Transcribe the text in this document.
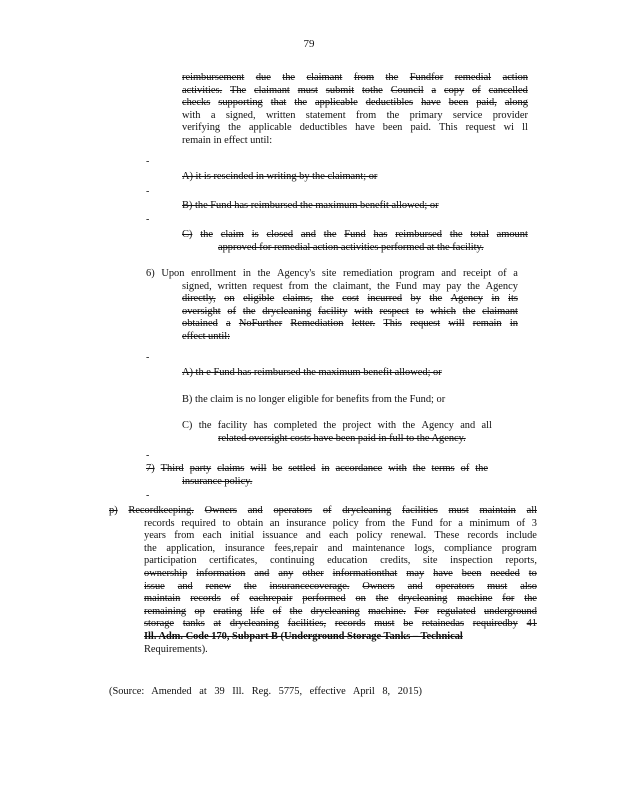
79
reimbursement due the claimant from the Fundfor remedial action
activities. The claimant must submit tothe Council a copy of cancelled
checks supporting that the applicable deductibles have been paid, along
with a signed, written statement from the primary service provider
verifying the applicable deductibles have been paid. This request wi ll
remain in effect until:
-
A) it is rescinded in writing by the claimant; or
-
B) the Fund has reimbursed the maximum benefit allowed; or
-
C) the claim is closed and the Fund has reimbursed the total amount
approved for remedial action activities performed at the facility.
6) Upon enrollment in the Agency's site remediation program and receipt of a
signed, written request from the claimant, the Fund may pay the Agency
directly, on eligible claims, the cost incurred by the Agency in its
oversight of the drycleaning facility with respect to which the claimant
obtained a NoFurther Remediation letter. This request will remain in
effect until:
-
A) th e Fund has reimbursed the maximum benefit allowed; or
B) the claim is no longer eligible for benefits from the Fund; or
C) the facility has completed the project with the Agency and all
related oversight costs have been paid in full to the Agency.
-
7) Third party claims will be settled in accordance with the terms of the
insurance policy.
-
p) Recordkeeping. Owners and operators of drycleaning facilities must maintain all
records required to obtain an insurance policy from the Fund for a minimum of 3
years from each initial issuance and each policy renewal. These records include
the application, insurance fees,repair and maintenance logs, compliance program
participation certificates, continuing education credits, site inspection reports,
ownership information and any other informationthat may have been needed to
issue and renew the insurancecoverage. Owners and operators must also
maintain records of eachrepair performed on the drycleaning machine for the
remaining op erating life of the drycleaning machine. For regulated underground
storage tanks at drycleaning facilities, records must be retainedas requiredby 41
Ill. Adm. Code 170, Subpart B (Underground Storage Tanks – Technical
Requirements).
(Source: Amended at 39 Ill. Reg. 5775, effective April 8, 2015)
